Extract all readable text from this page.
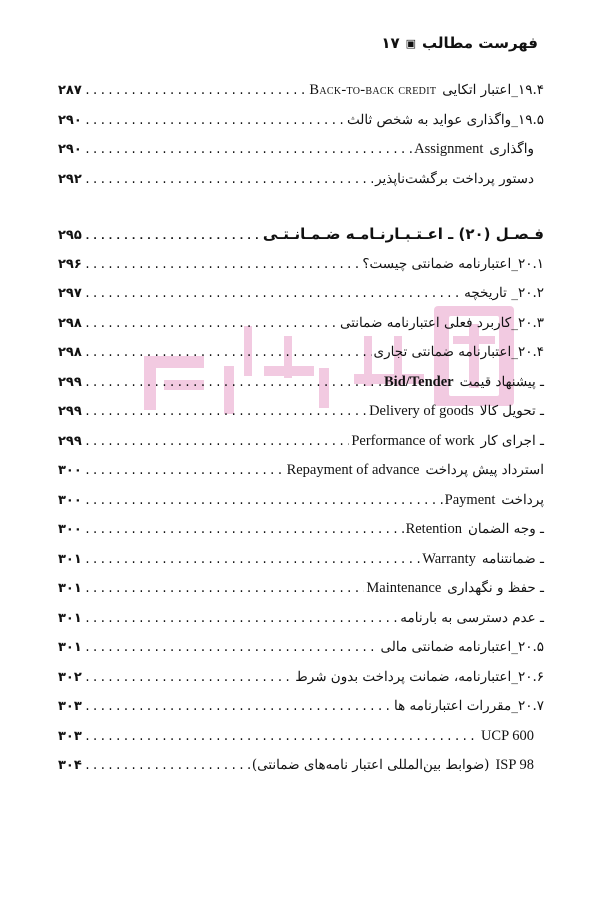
فهرست مطالب
▣
۱۷
۱۹.۴_اعتبار اتکاییBack-to-back credit
.....
۲۸۷
۱۹.۵_واگذاری عواید به شخص ثالث
.....
۲۹۰
واگذاریAssignment
.....
۲۹۰
دستور پرداخت برگشت‌ناپذیر
.....
۲۹۲
فـصـل (۲۰) ـ اعـتـبـارنـامـه ضـمـانـتـی
.....
۲۹۵
۲۰.۱_اعتبارنامه ضمانتی چیست؟
.....
۲۹۶
۲۰.۲_ تاریخچه
.....
۲۹۷
۲۰.۳_کاربرد فعلی اعتبارنامه ضمانتی
.....
۲۹۸
۲۰.۴_اعتبارنامه ضمانتی تجاری
.....
۲۹۸
ـ پیشنهاد قیمتBid/Tender
.....
۲۹۹
ـ تحویل کالاDelivery of goods
.....
۲۹۹
ـ اجرای کارPerformance of work
.....
۲۹۹
استرداد پیش پرداختRepayment of advance
.....
۳۰۰
پرداختPayment
.....
۳۰۰
ـ وجه الضمانRetention
.....
۳۰۰
ـ ضمانتنامهWarranty
.....
۳۰۱
ـ حفظ و نگهداریMaintenance
.....
۳۰۱
ـ عدم دسترسی به بارنامه
.....
۳۰۱
۲۰.۵_اعتبارنامه ضمانتی مالی
.....
۳۰۱
۲۰.۶_اعتبارنامه، ضمانت پرداخت بدون شرط
.....
۳۰۲
۲۰.۷_مقررات اعتبارنامه ها
.....
۳۰۳
UCP 600
.....
۳۰۳
ISP 98(ضوابط بین‌المللی اعتبار نامه‌های ضمانتی)
.....
۳۰۴
